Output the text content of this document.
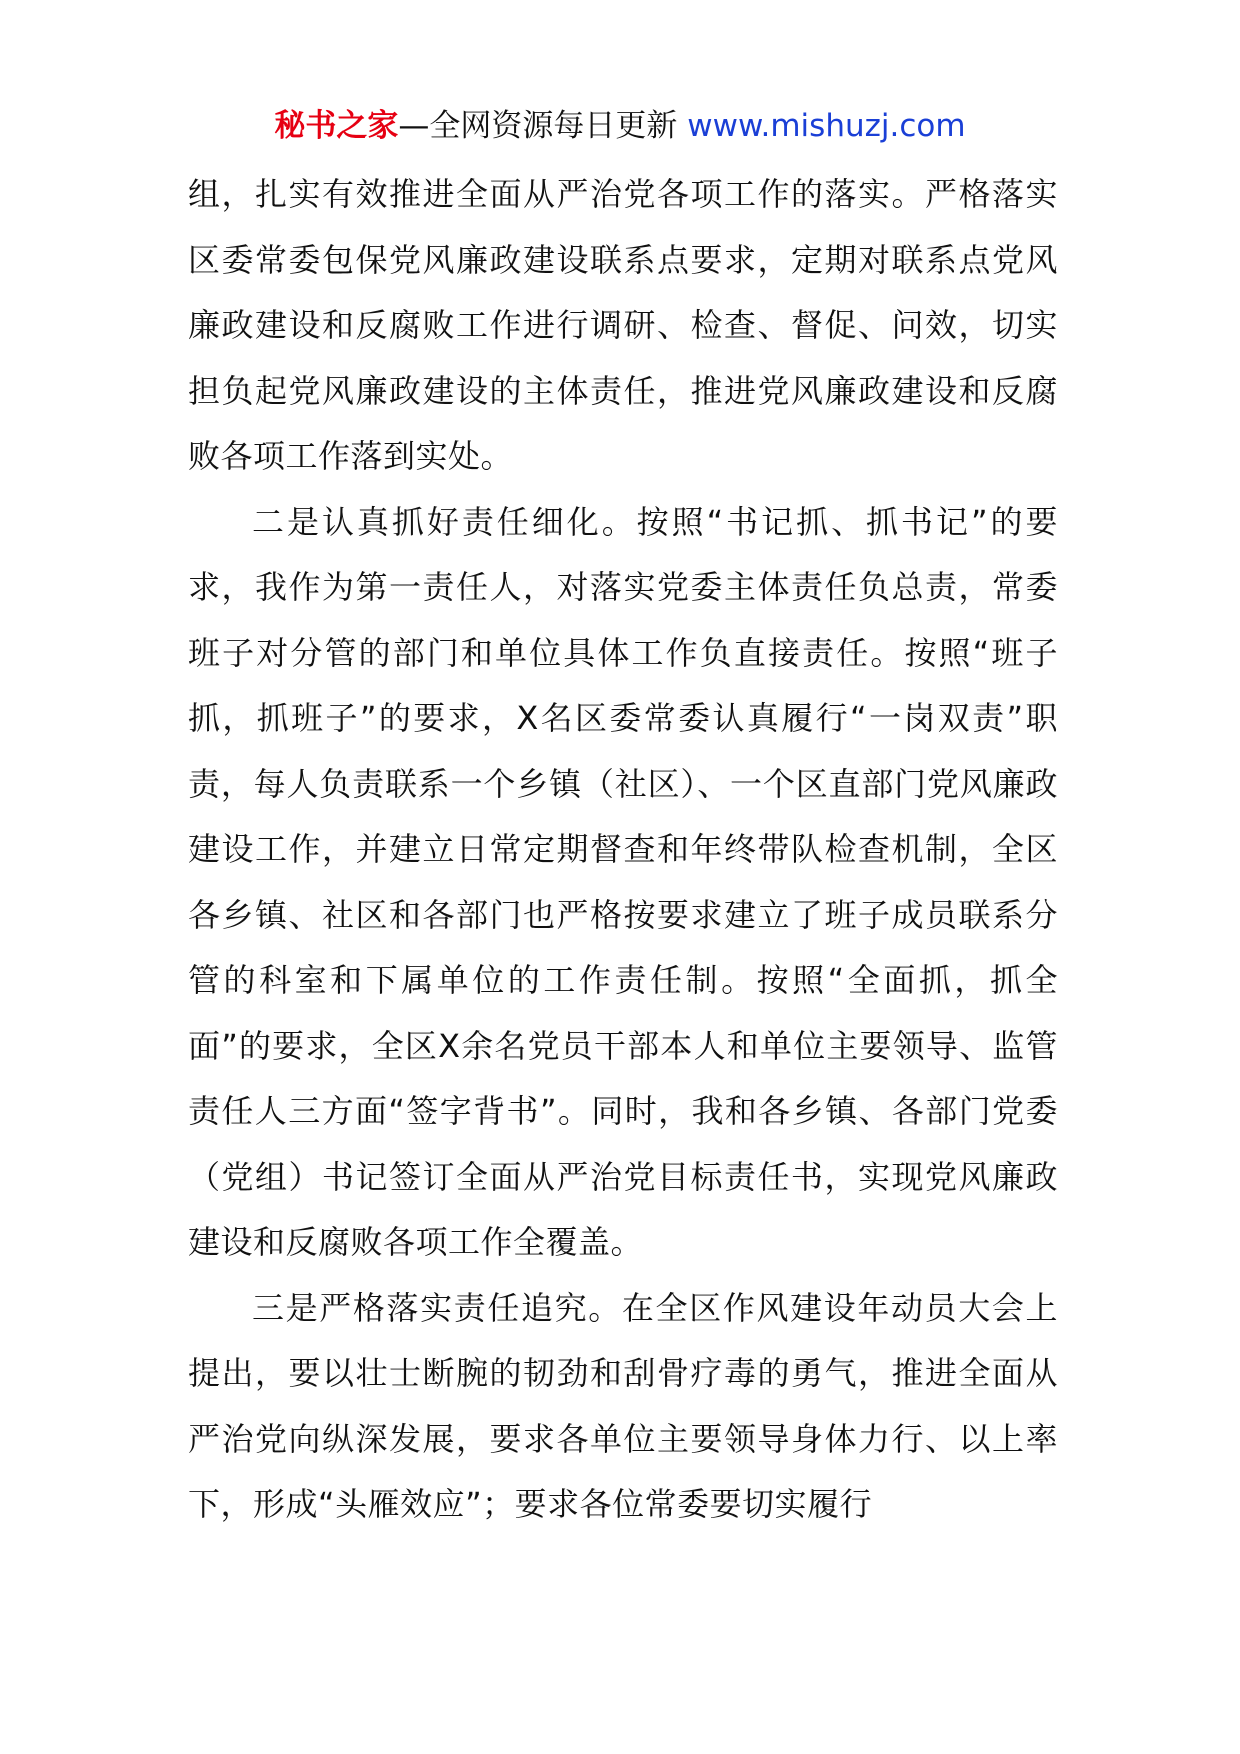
秘书之家—全网资源每日更新 www.mishuzj.com

组，扎实有效推进全面从严治党各项工作的落实。严格落实区委常委包保党风廉政建设联系点要求，定期对联系点党风廉政建设和反腐败工作进行调研、检查、督促、问效，切实担负起党风廉政建设的主体责任，推进党风廉政建设和反腐败各项工作落到实处。

二是认真抓好责任细化。按照“书记抓、抓书记”的要求，我作为第一责任人，对落实党委主体责任负总责，常委班子对分管的部门和单位具体工作负直接责任。按照“班子抓，抓班子”的要求，X名区委常委认真履行“一岗双责”职责，每人负责联系一个乡镇（社区）、一个区直部门党风廉政建设工作，并建立日常定期督查和年终带队检查机制，全区各乡镇、社区和各部门也严格按要求建立了班子成员联系分管的科室和下属单位的工作责任制。按照“全面抓，抓全面”的要求，全区X余名党员干部本人和单位主要领导、监管责任人三方面“签字背书”。同时，我和各乡镇、各部门党委（党组）书记签订全面从严治党目标责任书，实现党风廉政建设和反腐败各项工作全覆盖。

三是严格落实责任追究。在全区作风建设年动员大会上提出，要以壮士断腕的韧劲和刮骨疗毒的勇气，推进全面从严治党向纵深发展，要求各单位主要领导身体力行、以上率下，形成“头雁效应”；要求各位常委要切实履行
